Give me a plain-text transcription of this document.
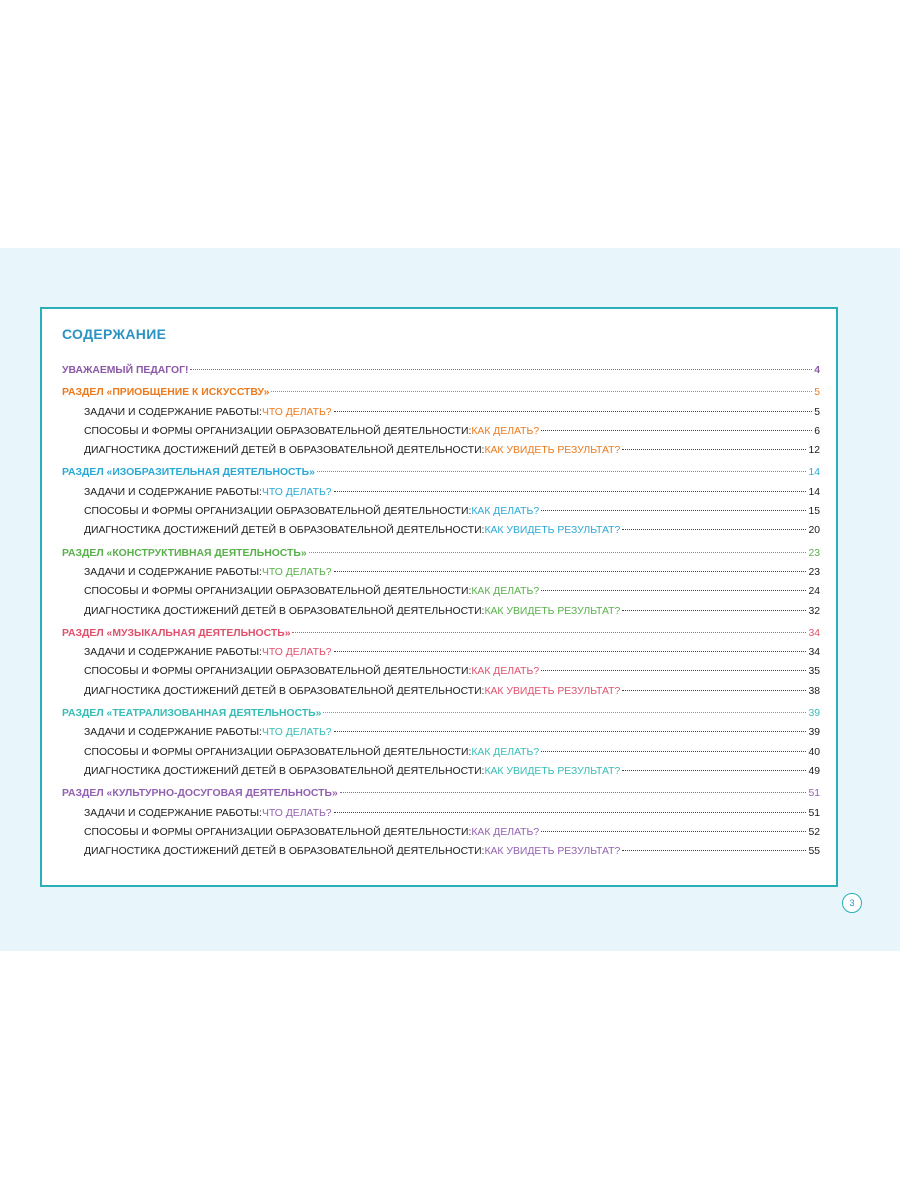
СОДЕРЖАНИЕ
УВАЖАЕМЫЙ ПЕДАГОГ!	4
РАЗДЕЛ «ПРИОБЩЕНИЕ К ИСКУССТВУ»	5
ЗАДАЧИ И СОДЕРЖАНИЕ РАБОТЫ: ЧТО ДЕЛАТЬ?	5
СПОСОБЫ И ФОРМЫ ОРГАНИЗАЦИИ ОБРАЗОВАТЕЛЬНОЙ ДЕЯТЕЛЬНОСТИ: КАК ДЕЛАТЬ?	6
ДИАГНОСТИКА ДОСТИЖЕНИЙ ДЕТЕЙ В ОБРАЗОВАТЕЛЬНОЙ ДЕЯТЕЛЬНОСТИ: КАК УВИДЕТЬ РЕЗУЛЬТАТ?	12
РАЗДЕЛ «ИЗОБРАЗИТЕЛЬНАЯ ДЕЯТЕЛЬНОСТЬ»	14
ЗАДАЧИ И СОДЕРЖАНИЕ РАБОТЫ: ЧТО ДЕЛАТЬ?	14
СПОСОБЫ И ФОРМЫ ОРГАНИЗАЦИИ ОБРАЗОВАТЕЛЬНОЙ ДЕЯТЕЛЬНОСТИ: КАК ДЕЛАТЬ?	15
ДИАГНОСТИКА ДОСТИЖЕНИЙ ДЕТЕЙ В ОБРАЗОВАТЕЛЬНОЙ ДЕЯТЕЛЬНОСТИ: КАК УВИДЕТЬ РЕЗУЛЬТАТ?	20
РАЗДЕЛ «КОНСТРУКТИВНАЯ ДЕЯТЕЛЬНОСТЬ»	23
ЗАДАЧИ И СОДЕРЖАНИЕ РАБОТЫ: ЧТО ДЕЛАТЬ?	23
СПОСОБЫ И ФОРМЫ ОРГАНИЗАЦИИ ОБРАЗОВАТЕЛЬНОЙ ДЕЯТЕЛЬНОСТИ: КАК ДЕЛАТЬ?	24
ДИАГНОСТИКА ДОСТИЖЕНИЙ ДЕТЕЙ В ОБРАЗОВАТЕЛЬНОЙ ДЕЯТЕЛЬНОСТИ: КАК УВИДЕТЬ РЕЗУЛЬТАТ?	32
РАЗДЕЛ «МУЗЫКАЛЬНАЯ ДЕЯТЕЛЬНОСТЬ»	34
ЗАДАЧИ И СОДЕРЖАНИЕ РАБОТЫ: ЧТО ДЕЛАТЬ?	34
СПОСОБЫ И ФОРМЫ ОРГАНИЗАЦИИ ОБРАЗОВАТЕЛЬНОЙ ДЕЯТЕЛЬНОСТИ: КАК ДЕЛАТЬ?	35
ДИАГНОСТИКА ДОСТИЖЕНИЙ ДЕТЕЙ В ОБРАЗОВАТЕЛЬНОЙ ДЕЯТЕЛЬНОСТИ: КАК УВИДЕТЬ РЕЗУЛЬТАТ?	38
РАЗДЕЛ «ТЕАТРАЛИЗОВАННАЯ ДЕЯТЕЛЬНОСТЬ»	39
ЗАДАЧИ И СОДЕРЖАНИЕ РАБОТЫ: ЧТО ДЕЛАТЬ?	39
СПОСОБЫ И ФОРМЫ ОРГАНИЗАЦИИ ОБРАЗОВАТЕЛЬНОЙ ДЕЯТЕЛЬНОСТИ: КАК ДЕЛАТЬ?	40
ДИАГНОСТИКА ДОСТИЖЕНИЙ ДЕТЕЙ В ОБРАЗОВАТЕЛЬНОЙ ДЕЯТЕЛЬНОСТИ: КАК УВИДЕТЬ РЕЗУЛЬТАТ?	49
РАЗДЕЛ «КУЛЬТУРНО-ДОСУГОВАЯ ДЕЯТЕЛЬНОСТЬ»	51
ЗАДАЧИ И СОДЕРЖАНИЕ РАБОТЫ: ЧТО ДЕЛАТЬ?	51
СПОСОБЫ И ФОРМЫ ОРГАНИЗАЦИИ ОБРАЗОВАТЕЛЬНОЙ ДЕЯТЕЛЬНОСТИ: КАК ДЕЛАТЬ?	52
ДИАГНОСТИКА ДОСТИЖЕНИЙ ДЕТЕЙ В ОБРАЗОВАТЕЛЬНОЙ ДЕЯТЕЛЬНОСТИ: КАК УВИДЕТЬ РЕЗУЛЬТАТ?	55
3
